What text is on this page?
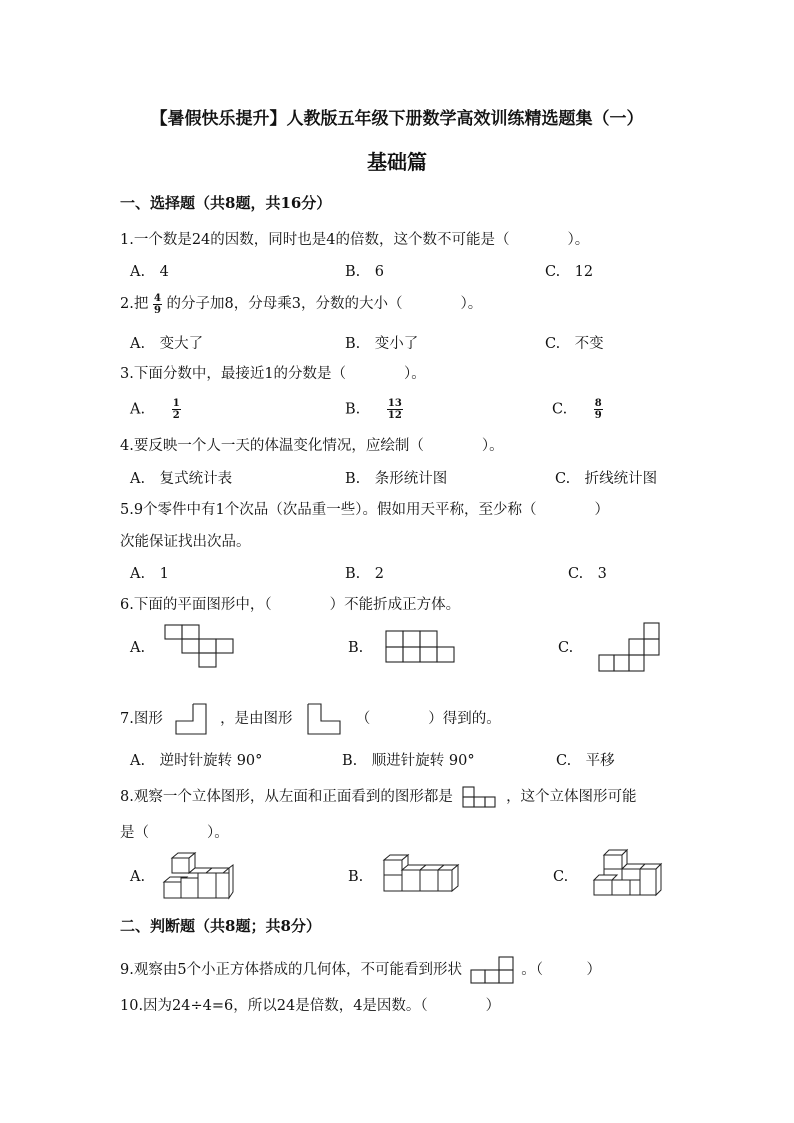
【暑假快乐提升】人教版五年级下册数学高效训练精选题集（一）
基础篇
一、选择题（共8题，共16分）
1.一个数是24的因数，同时也是4的倍数，这个数不可能是（　　　　）。
A.　4	B.　6	C.　12
2.把 $\frac{4}{9}$ 的分子加8，分母乘3，分数的大小（　　　　）。
A.　变大了	B.　变小了	C.　不变
3.下面分数中，最接近1的分数是（　　　　）。
A.	$\frac{1}{2}$	B.	$\frac{13}{12}$	C.	$\frac{8}{9}$
4.要反映一个人一天的体温变化情况，应绘制（　　　　）。
A.　复式统计表	B.　条形统计图	C.　折线统计图
5.9个零件中有1个次品（次品重一些）。假如用天平称，至少称（　　　　）
次能保证找出次品。
A.　1	B.　2	C.　3
6.下面的平面图形中，（　　　　）不能折成正方体。
A.	B.	C.
7.图形	，是由图形	（　　　　）得到的。
A.　逆时针旋转 90°	B.　顺进针旋转 90°	C.　平移
8.观察一个立体图形，从左面和正面看到的图形都是	，这个立体图形可能
是（　　　　）。
A.	B.	C.
二、判断题（共8题；共8分）
9.观察由5个小正方体搭成的几何体，不可能看到形状	。（　　　）
10.因为24÷4=6，所以24是倍数，4是因数。（　　　　）
